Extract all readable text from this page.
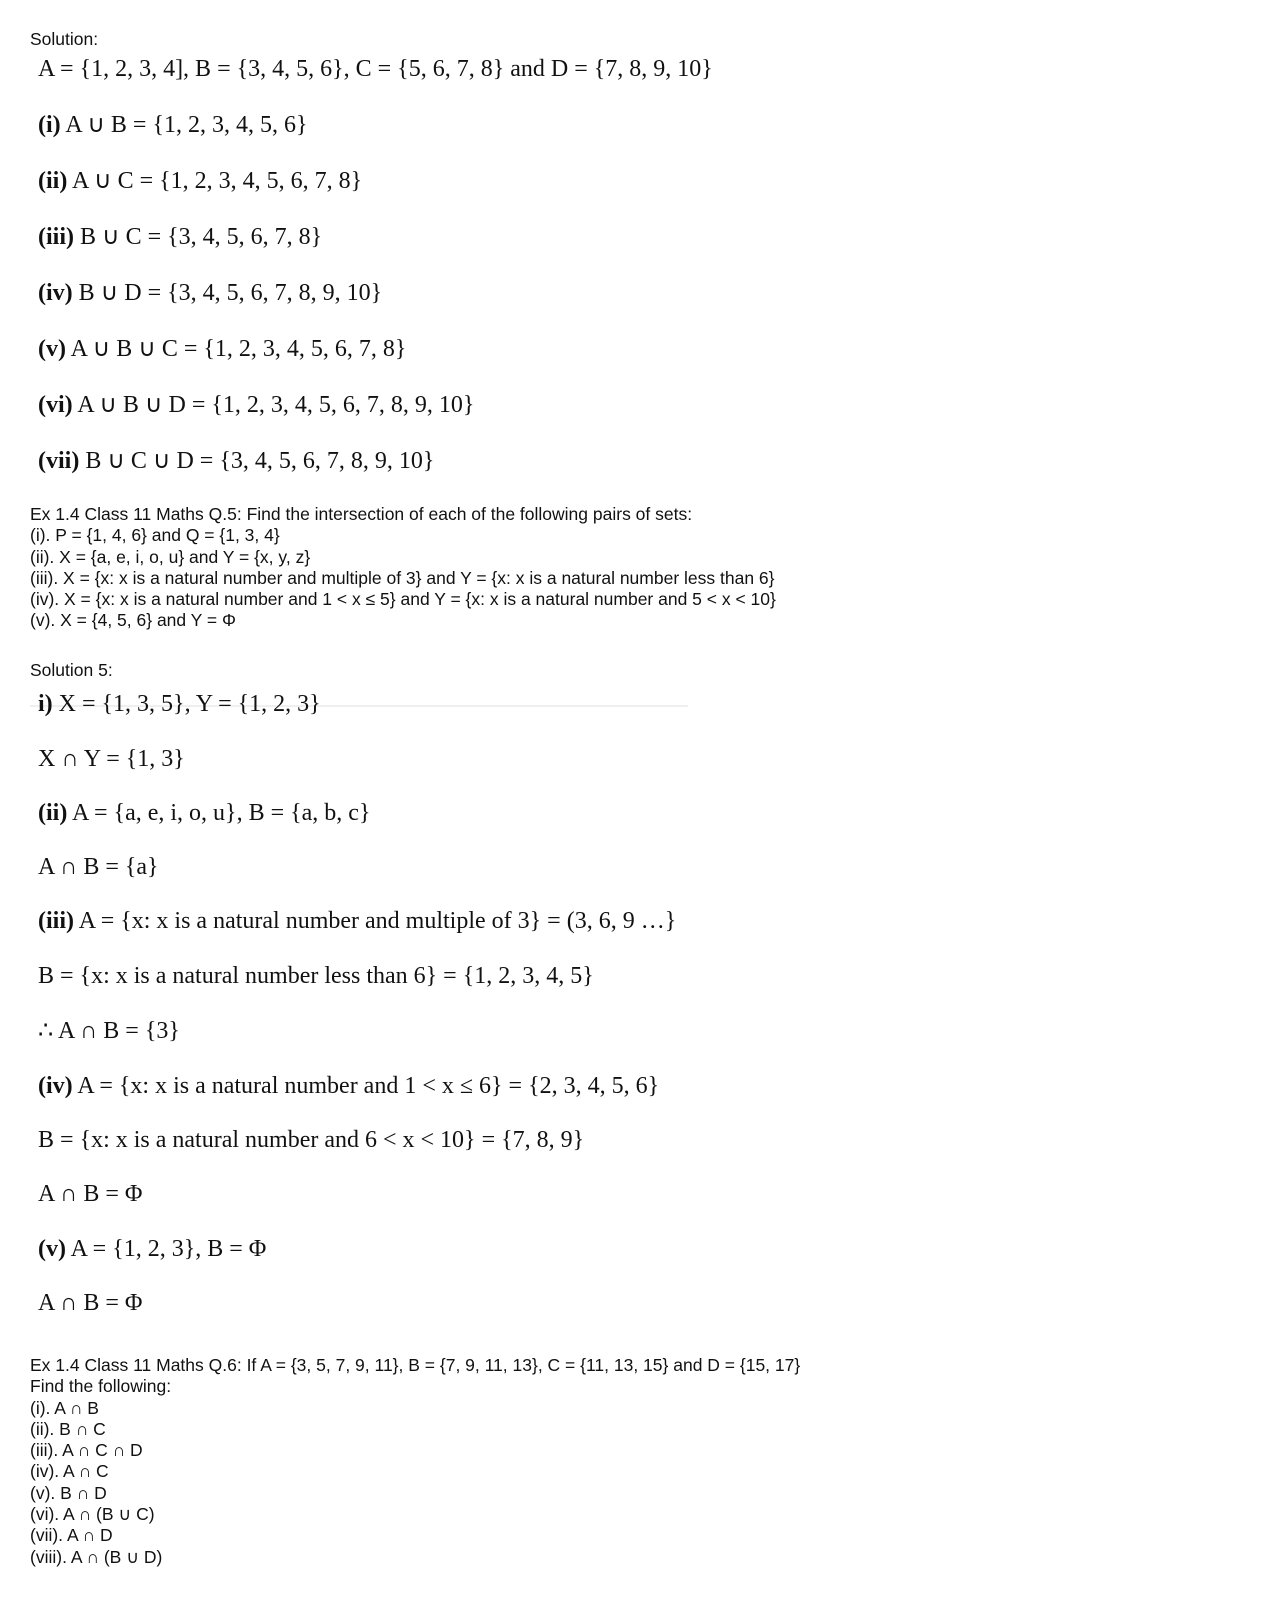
Solution:
A = {1, 2, 3, 4], B = {3, 4, 5, 6}, C = {5, 6, 7, 8} and D = {7, 8, 9, 10}
(i) A ∪ B = {1, 2, 3, 4, 5, 6}
(ii) A ∪ C = {1, 2, 3, 4, 5, 6, 7, 8}
(iii) B ∪ C = {3, 4, 5, 6, 7, 8}
(iv) B ∪ D = {3, 4, 5, 6, 7, 8, 9, 10}
(v) A ∪ B ∪ C = {1, 2, 3, 4, 5, 6, 7, 8}
(vi) A ∪ B ∪ D = {1, 2, 3, 4, 5, 6, 7, 8, 9, 10}
(vii) B ∪ C ∪ D = {3, 4, 5, 6, 7, 8, 9, 10}
Ex 1.4 Class 11 Maths Q.5: Find the intersection of each of the following pairs of sets:
(i). P = {1, 4, 6} and Q = {1, 3, 4}
(ii). X = {a, e, i, o, u} and Y = {x, y, z}
(iii). X = {x: x is a natural number and multiple of 3} and Y = {x: x is a natural number less than 6}
(iv). X = {x: x is a natural number and 1 < x ≤ 5} and Y = {x: x is a natural number and 5 < x < 10}
(v). X = {4, 5, 6} and Y = Φ
Solution 5:
i) X = {1, 3, 5}, Y = {1, 2, 3}
X ∩ Y = {1, 3}
(ii) A = {a, e, i, o, u}, B = {a, b, c}
A ∩ B = {a}
(iii) A = {x: x is a natural number and multiple of 3} = (3, 6, 9 …}
B = {x: x is a natural number less than 6} = {1, 2, 3, 4, 5}
∴ A ∩ B = {3}
(iv) A = {x: x is a natural number and 1 < x ≤ 6} = {2, 3, 4, 5, 6}
B = {x: x is a natural number and 6 < x < 10} = {7, 8, 9}
A ∩ B = Φ
(v) A = {1, 2, 3}, B = Φ
A ∩ B = Φ
Ex 1.4 Class 11 Maths Q.6: If A = {3, 5, 7, 9, 11}, B = {7, 9, 11, 13}, C = {11, 13, 15} and D = {15, 17}
Find the following:
(i). A ∩ B
(ii). B ∩ C
(iii). A ∩ C ∩ D
(iv). A ∩ C
(v). B ∩ D
(vi). A ∩ (B ∪ C)
(vii). A ∩ D
(viii). A ∩ (B ∪ D)
